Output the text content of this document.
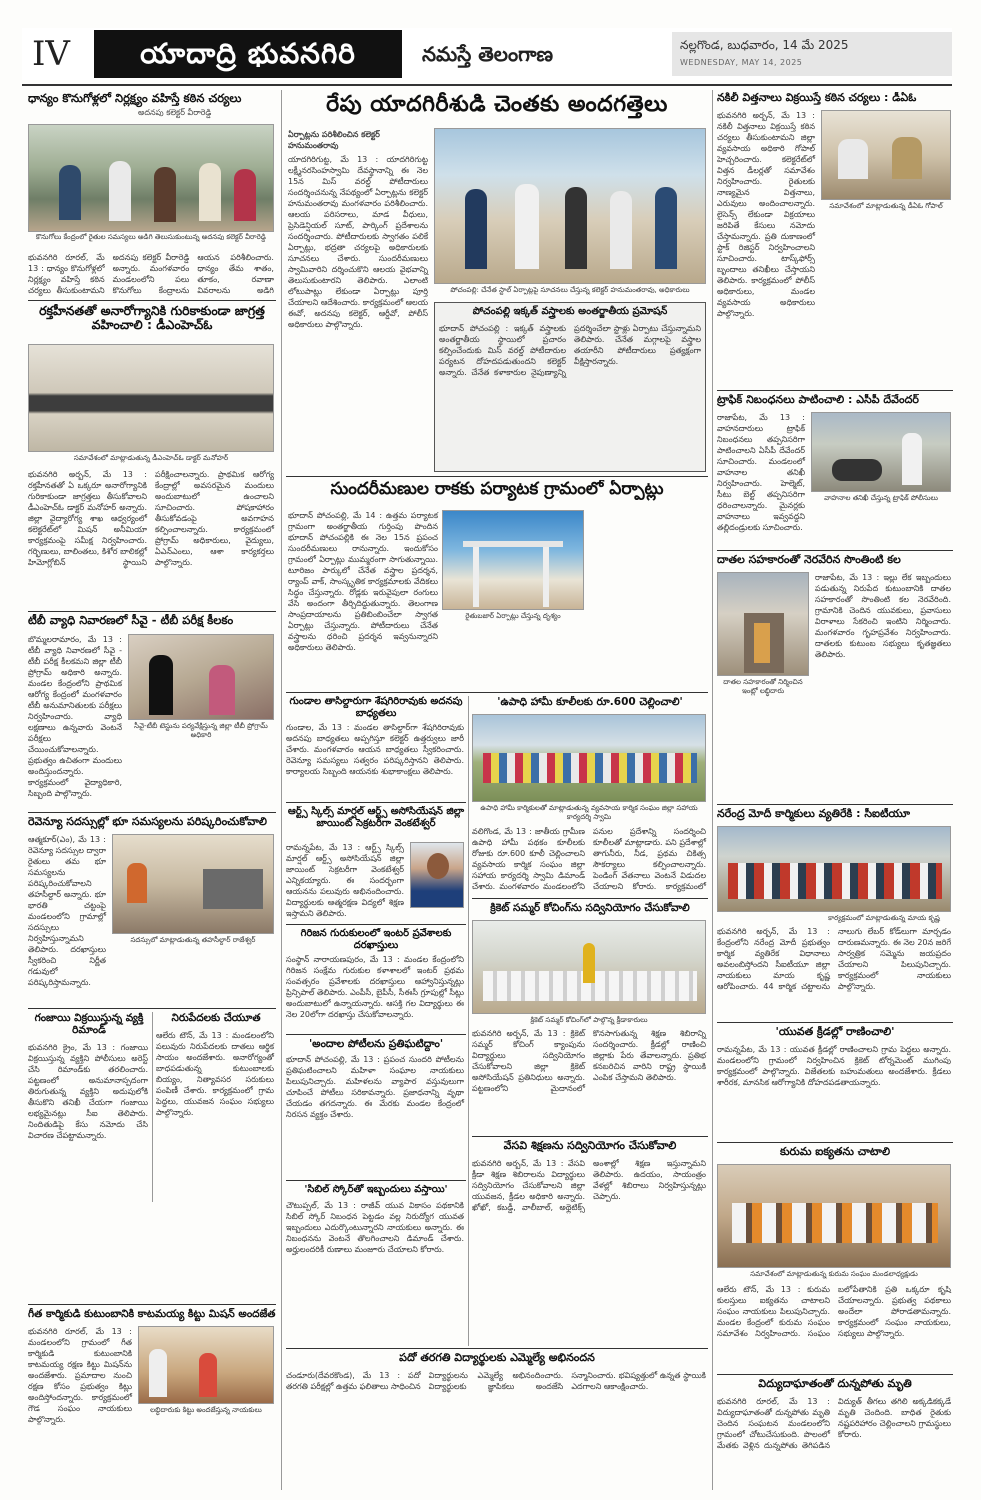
IV	యాదాద్రి భువనగిరి	నమస్తే తెలంగాణ	నల్లగొండ, బుధవారం, 14 మే 2025
WEDNESDAY, MAY 14, 2025
ధాన్యం కొనుగోళ్లలో నిర్లక్ష్యం వహిస్తే కఠిన చర్యలు
అదనపు కలెక్టర్ వీరారెడ్డి
కొనుగోలు కేంద్రంలో రైతుల సమస్యలు అడిగి తెలుసుకుంటున్న అదనపు కలెక్టర్ వీరారెడ్డి
భువనగిరి రూరల్, మే 13 : ధాన్యం కొనుగోళ్లలో నిర్లక్ష్యం వహిస్తే కఠిన చర్యలు తీసుకుంటామని అదనపు కలెక్టర్ వీరారెడ్డి అన్నారు. మంగళవారం మండలంలోని పలు కొనుగోలు కేంద్రాలను ఆయన పరిశీలించారు. ధాన్యం తేమ శాతం, తూకం, రవాణా వివరాలను అడిగి
రక్తహీనతతో అనారోగ్యానికి గురికాకుండా జాగ్రత్త వహించాలి : డీఎంహెచ్ఓ
సమావేశంలో మాట్లాడుతున్న డీఎంహెచ్ఓ డాక్టర్ మనోహర్
భువనగిరి అర్బన్, మే 13 : రక్తహీనతతో ఏ ఒక్కరూ అనారోగ్యానికి గురికాకుండా జాగ్రత్తలు తీసుకోవాలని డీఎంహెచ్ఓ డాక్టర్ మనోహర్ అన్నారు. జిల్లా వైద్యారోగ్య శాఖ ఆధ్వర్యంలో కలెక్టరేట్‌లో మిషన్ అనీమియా కార్యక్రమంపై సమీక్ష నిర్వహించారు. గర్భిణులు, బాలింతలు, కిశోర బాలికల్లో హిమోగ్లోబిన్ స్థాయిని పరీక్షించాలన్నారు. ప్రాథమిక ఆరోగ్య కేంద్రాల్లో అవసరమైన మందులు అందుబాటులో ఉంచాలని సూచించారు. పోషకాహారం తీసుకోవడంపై అవగాహన కల్పించాలన్నారు. కార్యక్రమంలో ప్రోగ్రామ్ అధికారులు, వైద్యులు, ఏఎన్ఎంలు, ఆశా కార్యకర్తలు పాల్గొన్నారు.
టీబీ వ్యాధి నివారణలో సీవై - టీబీ పరీక్ష కీలకం
బొమ్మలరామారం, మే 13 : టీబీ వ్యాధి నివారణలో సీవై - టీబీ పరీక్ష కీలకమని జిల్లా టీబీ ప్రోగ్రామ్ అధికారి అన్నారు. మండల కేంద్రంలోని ప్రాథమిక ఆరోగ్య కేంద్రంలో మంగళవారం టీబీ అనుమానితులకు పరీక్షలు నిర్వహించారు. వ్యాధి లక్షణాలు ఉన్నవారు వెంటనే పరీక్షలు చేయించుకోవాలన్నారు. ప్రభుత్వం ఉచితంగా మందులు అందిస్తుందన్నారు. కార్యక్రమంలో వైద్యాధికారి, సిబ్బంది పాల్గొన్నారు.
సీవై-టీబీ టెస్టును పర్యవేక్షిస్తున్న జిల్లా టీబీ ప్రోగ్రామ్ అధికారి
రెవెన్యూ సదస్సుల్లో భూ సమస్యలను పరిష్కరించుకోవాలి
ఆత్మకూర్(ఎం), మే 13 : రెవెన్యూ సదస్సుల ద్వారా రైతులు తమ భూ సమస్యలను పరిష్కరించుకోవాలని తహసీల్దార్ అన్నారు. భూ భారతి చట్టంపై మండలంలోని గ్రామాల్లో సదస్సులు నిర్వహిస్తున్నామని తెలిపారు. దరఖాస్తులు స్వీకరించి నిర్ణీత గడువులో పరిష్కరిస్తామన్నారు.
సదస్సులో మాట్లాడుతున్న తహసీల్దార్ రాజేశ్వర్
గంజాయి విక్రయిస్తున్న వ్యక్తి రిమాండ్
భువనగిరి క్రైం, మే 13 : గంజాయి విక్రయిస్తున్న వ్యక్తిని పోలీసులు అరెస్ట్ చేసి రిమాండ్‌కు తరలించారు. పట్టణంలో అనుమానాస్పదంగా తిరుగుతున్న వ్యక్తిని అదుపులోకి తీసుకొని తనిఖీ చేయగా గంజాయి లభ్యమైనట్లు సీఐ తెలిపారు. నిందితుడిపై కేసు నమోదు చేసి విచారణ చేపట్టామన్నారు.
నిరుపేదలకు చేయూత
ఆలేరు టౌన్, మే 13 : మండలంలోని పలువురు నిరుపేదలకు దాతలు ఆర్థిక సాయం అందజేశారు. అనారోగ్యంతో బాధపడుతున్న కుటుంబాలకు బియ్యం, నిత్యావసర సరుకులు పంపిణీ చేశారు. కార్యక్రమంలో గ్రామ పెద్దలు, యువజన సంఘం సభ్యులు పాల్గొన్నారు.
గీత కార్మికుడి కుటుంబానికి కాటమయ్య కిట్టు మిషన్ అందజేత
భువనగిరి రూరల్, మే 13 : మండలంలోని గ్రామంలో గీత కార్మికుడి కుటుంబానికి కాటమయ్య రక్షణ కిట్టు మిషన్‌ను అందజేశారు. ప్రమాదాల నుంచి రక్షణ కోసం ప్రభుత్వం కిట్లు అందిస్తోందన్నారు. కార్యక్రమంలో గౌడ సంఘం నాయకులు పాల్గొన్నారు.
లబ్ధిదారుకు కిట్టు అందజేస్తున్న నాయకులు
రేపు యాదగిరీశుడి చెంతకు అందగత్తెలు
ఏర్పాట్లను పరిశీలించిన కలెక్టర్ హనుమంతరావు
యాదగిరిగుట్ట, మే 13 : యాదగిరిగుట్ట లక్ష్మీనరసింహస్వామి దేవస్థానాన్ని ఈ నెల 15న మిస్ వరల్డ్ పోటీదారులు సందర్శించనున్న నేపథ్యంలో ఏర్పాట్లను కలెక్టర్ హనుమంతరావు మంగళవారం పరిశీలించారు. ఆలయ పరిసరాలు, మాడ వీధులు, ప్రెసిడెన్షియల్ సూట్, పార్కింగ్ ప్రదేశాలను సందర్శించారు. పోటీదారులకు స్వాగతం పలికే ఏర్పాట్లు, భద్రతా చర్యలపై అధికారులకు సూచనలు చేశారు. సుందరీమణులు స్వామివారిని దర్శించుకొని ఆలయ వైభవాన్ని తెలుసుకుంటారని తెలిపారు. ఎలాంటి లోటుపాట్లు లేకుండా ఏర్పాట్లు పూర్తి చేయాలని ఆదేశించారు. కార్యక్రమంలో ఆలయ ఈవో, అదనపు కలెక్టర్, ఆర్డీవో, పోలీస్ అధికారులు పాల్గొన్నారు.
పోచంపల్లి: చేనేత స్టాల్ ఏర్పాట్లపై సూచనలు చేస్తున్న కలెక్టర్ హనుమంతరావు, అధికారులు
పోచంపల్లి ఇక్కత్ వస్త్రాలకు అంతర్జాతీయ ప్రమోషన్
భూదాన్ పోచంపల్లి : ఇక్కత్ వస్త్రాలకు అంతర్జాతీయ స్థాయిలో ప్రచారం కల్పించేందుకు మిస్ వరల్డ్ పోటీదారుల పర్యటన దోహదపడుతుందని కలెక్టర్ అన్నారు. చేనేత కళాకారుల నైపుణ్యాన్ని ప్రదర్శించేలా స్టాళ్లు ఏర్పాటు చేస్తున్నామని తెలిపారు. చేనేత మగ్గాలపై వస్త్రాల తయారీని పోటీదారులు ప్రత్యక్షంగా వీక్షిస్తారన్నారు.
సుందరీమణుల రాకకు పర్యాటక గ్రామంలో ఏర్పాట్లు
భూదాన్ పోచంపల్లి, మే 14 : ఉత్తమ పర్యాటక గ్రామంగా అంతర్జాతీయ గుర్తింపు పొందిన భూదాన్ పోచంపల్లికి ఈ నెల 15న ప్రపంచ సుందరీమణులు రానున్నారు. ఇందుకోసం గ్రామంలో ఏర్పాట్లు ముమ్మరంగా సాగుతున్నాయి. టూరిజం పార్కులో చేనేత వస్త్రాల ప్రదర్శన, ర్యాంప్ వాక్, సాంస్కృతిక కార్యక్రమాలకు వేదికలు సిద్ధం చేస్తున్నారు. రోడ్లకు ఇరువైపులా రంగులు వేసి అందంగా తీర్చిదిద్దుతున్నారు. తెలంగాణ సాంప్రదాయాలను ప్రతిబింబించేలా స్వాగత ఏర్పాట్లు చేస్తున్నారు. పోటీదారులు చేనేత వస్త్రాలను ధరించి ప్రదర్శన ఇవ్వనున్నారని అధికారులు తెలిపారు.
రైతుబజార్ ఏర్పాట్లు చేస్తున్న దృశ్యం
గుండాల తాసిల్దారుగా శేషగిరిరావుకు అదనపు బాధ్యతలు
గుండాల, మే 13 : మండల తాసిల్దార్‌గా శేషగిరిరావుకు అదనపు బాధ్యతలు అప్పగిస్తూ కలెక్టర్ ఉత్తర్వులు జారీ చేశారు. మంగళవారం ఆయన బాధ్యతలు స్వీకరించారు. రెవెన్యూ సమస్యలు సత్వరం పరిష్కరిస్తానని తెలిపారు. కార్యాలయ సిబ్బంది ఆయనకు శుభాకాంక్షలు తెలిపారు.
ఆర్ట్స్ స్కిల్స్ మార్షల్ ఆర్ట్స్ అసోసియేషన్ జిల్లా జాయింట్ సెక్రటరీగా వెంకటేశ్వర్
రామన్నపేట, మే 13 : ఆర్ట్స్ స్కిల్స్ మార్షల్ ఆర్ట్స్ అసోసియేషన్ జిల్లా జాయింట్ సెక్రటరీగా వెంకటేశ్వర్ ఎన్నికయ్యారు. ఈ సందర్భంగా ఆయనను పలువురు అభినందించారు. విద్యార్థులకు ఆత్మరక్షణ విద్యలో శిక్షణ ఇస్తామని తెలిపారు.
గిరిజన గురుకులంలో ఇంటర్ ప్రవేశాలకు దరఖాస్తులు
సంస్థాన్ నారాయణపురం, మే 13 : మండల కేంద్రంలోని గిరిజన సంక్షేమ గురుకుల కళాశాలలో ఇంటర్ ప్రథమ సంవత్సరం ప్రవేశాలకు దరఖాస్తులు ఆహ్వానిస్తున్నట్లు ప్రిన్సిపాల్ తెలిపారు. ఎంపీసీ, బైపీసీ, సీఈసీ గ్రూపుల్లో సీట్లు అందుబాటులో ఉన్నాయన్నారు. ఆసక్తి గల విద్యార్థులు ఈ నెల 20లోగా దరఖాస్తు చేసుకోవాలన్నారు.
'అందాల పోటీలను ప్రతిఘటిద్దాం'
భూదాన్ పోచంపల్లి, మే 13 : ప్రపంచ సుందరి పోటీలను ప్రతిఘటించాలని మహిళా సంఘాల నాయకులు పిలుపునిచ్చారు. మహిళలను వ్యాపార వస్తువులుగా చూపించే పోటీలు సరికావన్నారు. ప్రజాధనాన్ని వృథా చేయడం తగదన్నారు. ఈ మేరకు మండల కేంద్రంలో నిరసన వ్యక్తం చేశారు.
'సిబిల్ స్కోర్‌తో ఇబ్బందులు వస్తాయి'
చౌటుప్పల్, మే 13 : రాజీవ్ యువ వికాసం పథకానికి సిబిల్ స్కోర్ నిబంధన పెట్టడం వల్ల నిరుద్యోగ యువత ఇబ్బందులు ఎదుర్కొంటున్నారని నాయకులు అన్నారు. ఈ నిబంధనను వెంటనే తొలగించాలని డిమాండ్ చేశారు. అర్హులందరికీ రుణాలు మంజూరు చేయాలని కోరారు.
'ఉపాధి హామీ కూలీలకు రూ.600 చెల్లించాలి'
ఉపాధి హామీ కార్మికులతో మాట్లాడుతున్న వ్యవసాయ కార్మిక సంఘం జిల్లా సహాయ కార్యదర్శి స్వామి
వలిగొండ, మే 13 : జాతీయ గ్రామీణ ఉపాధి హామీ పథకం కూలీలకు రోజుకు రూ.600 కూలీ చెల్లించాలని వ్యవసాయ కార్మిక సంఘం జిల్లా సహాయ కార్యదర్శి స్వామి డిమాండ్ చేశారు. మంగళవారం మండలంలోని పనుల ప్రదేశాన్ని సందర్శించి కూలీలతో మాట్లాడారు. పని ప్రదేశాల్లో తాగునీరు, నీడ, ప్రథమ చికిత్స సౌకర్యాలు కల్పించాలన్నారు. పెండింగ్ వేతనాలు వెంటనే విడుదల చేయాలని కోరారు. కార్యక్రమంలో
క్రికెట్ సమ్మర్ కోచింగ్‌ను సద్వినియోగం చేసుకోవాలి
క్రికెట్ సమ్మర్ కోచింగ్‌లో పాల్గొన్న క్రీడాకారులు
భువనగిరి అర్బన్, మే 13 : క్రికెట్ సమ్మర్ కోచింగ్ క్యాంపును విద్యార్థులు సద్వినియోగం చేసుకోవాలని జిల్లా క్రికెట్ అసోసియేషన్ ప్రతినిధులు అన్నారు. పట్టణంలోని మైదానంలో కొనసాగుతున్న శిక్షణ శిబిరాన్ని సందర్శించారు. క్రీడల్లో రాణించి జిల్లాకు పేరు తేవాలన్నారు. ప్రతిభ కనబరిచిన వారిని రాష్ట్ర స్థాయికి ఎంపిక చేస్తామని తెలిపారు.
వేసవి శిక్షణను సద్వినియోగం చేసుకోవాలి
భువనగిరి అర్బన్, మే 13 : వేసవి క్రీడా శిక్షణ శిబిరాలను విద్యార్థులు సద్వినియోగం చేసుకోవాలని జిల్లా యువజన, క్రీడల అధికారి అన్నారు. ఖోఖో, కబడ్డీ, వాలీబాల్, అథ్లెటిక్స్ అంశాల్లో శిక్షణ ఇస్తున్నామని తెలిపారు. ఉదయం, సాయంత్రం వేళల్లో శిబిరాలు నిర్వహిస్తున్నట్లు చెప్పారు.
పదో తరగతి విద్యార్థులకు ఎమ్మెల్యే అభినందన
చండూరు(దేవరకొండ), మే 13 : పదో తరగతి పరీక్షల్లో ఉత్తమ ఫలితాలు సాధించిన విద్యార్థులను ఎమ్మెల్యే అభినందించారు. విద్యార్థులకు జ్ఞాపికలు అందజేసి సన్మానించారు. భవిష్యత్తులో ఉన్నత స్థాయికి ఎదగాలని ఆకాంక్షించారు.
నకిలీ విత్తనాలు విక్రయిస్తే కఠిన చర్యలు : డీఏఓ
భువనగిరి అర్బన్, మే 13 : నకిలీ విత్తనాలు విక్రయిస్తే కఠిన చర్యలు తీసుకుంటామని జిల్లా వ్యవసాయ అధికారి గోపాల్ హెచ్చరించారు. కలెక్టరేట్‌లో విత్తన డీలర్లతో సమావేశం నిర్వహించారు. రైతులకు నాణ్యమైన విత్తనాలు, ఎరువులు అందించాలన్నారు. లైసెన్స్ లేకుండా విక్రయాలు జరిపితే కేసులు నమోదు చేస్తామన్నారు. ప్రతి దుకాణంలో స్టాక్ రిజిస్టర్ నిర్వహించాలని సూచించారు. టాస్క్‌ఫోర్స్ బృందాలు తనిఖీలు చేస్తాయని తెలిపారు. కార్యక్రమంలో పోలీస్ అధికారులు, మండల వ్యవసాయ అధికారులు పాల్గొన్నారు.
సమావేశంలో మాట్లాడుతున్న డీఏఓ గోపాల్
ట్రాఫిక్ నిబంధనలు పాటించాలి : ఎసీపీ దేవేందర్
రాజాపేట, మే 13 : వాహనదారులు ట్రాఫిక్ నిబంధనలు తప్పనిసరిగా పాటించాలని ఏసీపీ దేవేందర్ సూచించారు. మండలంలో వాహనాల తనిఖీ నిర్వహించారు. హెల్మెట్, సీటు బెల్ట్ తప్పనిసరిగా ధరించాలన్నారు. మైనర్లకు వాహనాలు ఇవ్వవద్దని తల్లిదండ్రులకు సూచించారు.
వాహనాల తనిఖీ చేస్తున్న ట్రాఫిక్ పోలీసులు
దాతల సహకారంతో నెరవేరిన సొంతింటి కల
దాతల సహకారంతో నిర్మించిన ఇంట్లో లబ్ధిదారు
రాజాపేట, మే 13 : ఇల్లు లేక ఇబ్బందులు పడుతున్న నిరుపేద కుటుంబానికి దాతల సహకారంతో సొంతింటి కల నెరవేరింది. గ్రామానికి చెందిన యువకులు, ప్రవాసులు విరాళాలు సేకరించి ఇంటిని నిర్మించారు. మంగళవారం గృహప్రవేశం నిర్వహించారు. దాతలకు కుటుంబ సభ్యులు కృతజ్ఞతలు తెలిపారు.
నరేంద్ర మోదీ కార్మికులు వ్యతిరేకి : సీఐటీయూ
కార్యక్రమంలో మాట్లాడుతున్న మాయ కృష్ణ
భువనగిరి అర్బన్, మే 13 : కేంద్రంలోని నరేంద్ర మోదీ ప్రభుత్వం కార్మిక వ్యతిరేక విధానాలు అవలంబిస్తోందని సీఐటీయూ జిల్లా నాయకులు మాయ కృష్ణ ఆరోపించారు. 44 కార్మిక చట్టాలను నాలుగు లేబర్ కోడ్‌లుగా మార్చడం దారుణమన్నారు. ఈ నెల 20న జరిగే సార్వత్రిక సమ్మెను జయప్రదం చేయాలని పిలుపునిచ్చారు. కార్యక్రమంలో నాయకులు పాల్గొన్నారు.
'యువత క్రీడల్లో రాణించాలి'
రామన్నపేట, మే 13 : యువత క్రీడల్లో రాణించాలని గ్రామ పెద్దలు అన్నారు. మండలంలోని గ్రామంలో నిర్వహించిన క్రికెట్ టోర్నమెంట్ ముగింపు కార్యక్రమంలో పాల్గొన్నారు. విజేతలకు బహుమతులు అందజేశారు. క్రీడలు శారీరక, మానసిక ఆరోగ్యానికి దోహదపడతాయన్నారు.
కురుమ ఐక్యతను చాటాలి
సమావేశంలో మాట్లాడుతున్న కురుమ సంఘం మండలాధ్యక్షుడు
ఆలేరు టౌన్, మే 13 : కురుమ కులస్తులు ఐక్యతను చాటాలని సంఘం నాయకులు పిలుపునిచ్చారు. మండల కేంద్రంలో కురుమ సంఘం సమావేశం నిర్వహించారు. సంఘం బలోపేతానికి ప్రతి ఒక్కరూ కృషి చేయాలన్నారు. ప్రభుత్వ పథకాలు అందేలా పోరాడతామన్నారు. కార్యక్రమంలో సంఘం నాయకులు, సభ్యులు పాల్గొన్నారు.
విద్యుదాఘాతంతో దున్నపోతు మృతి
భువనగిరి రూరల్, మే 13 : విద్యుదాఘాతంతో దున్నపోతు మృతి చెందిన సంఘటన మండలంలోని గ్రామంలో చోటుచేసుకుంది. పొలంలో మేతకు వెళ్లిన దున్నపోతు తెగిపడిన విద్యుత్ తీగలు తగిలి అక్కడికక్కడే మృతి చెందింది. బాధిత రైతుకు నష్టపరిహారం చెల్లించాలని గ్రామస్థులు కోరారు.
